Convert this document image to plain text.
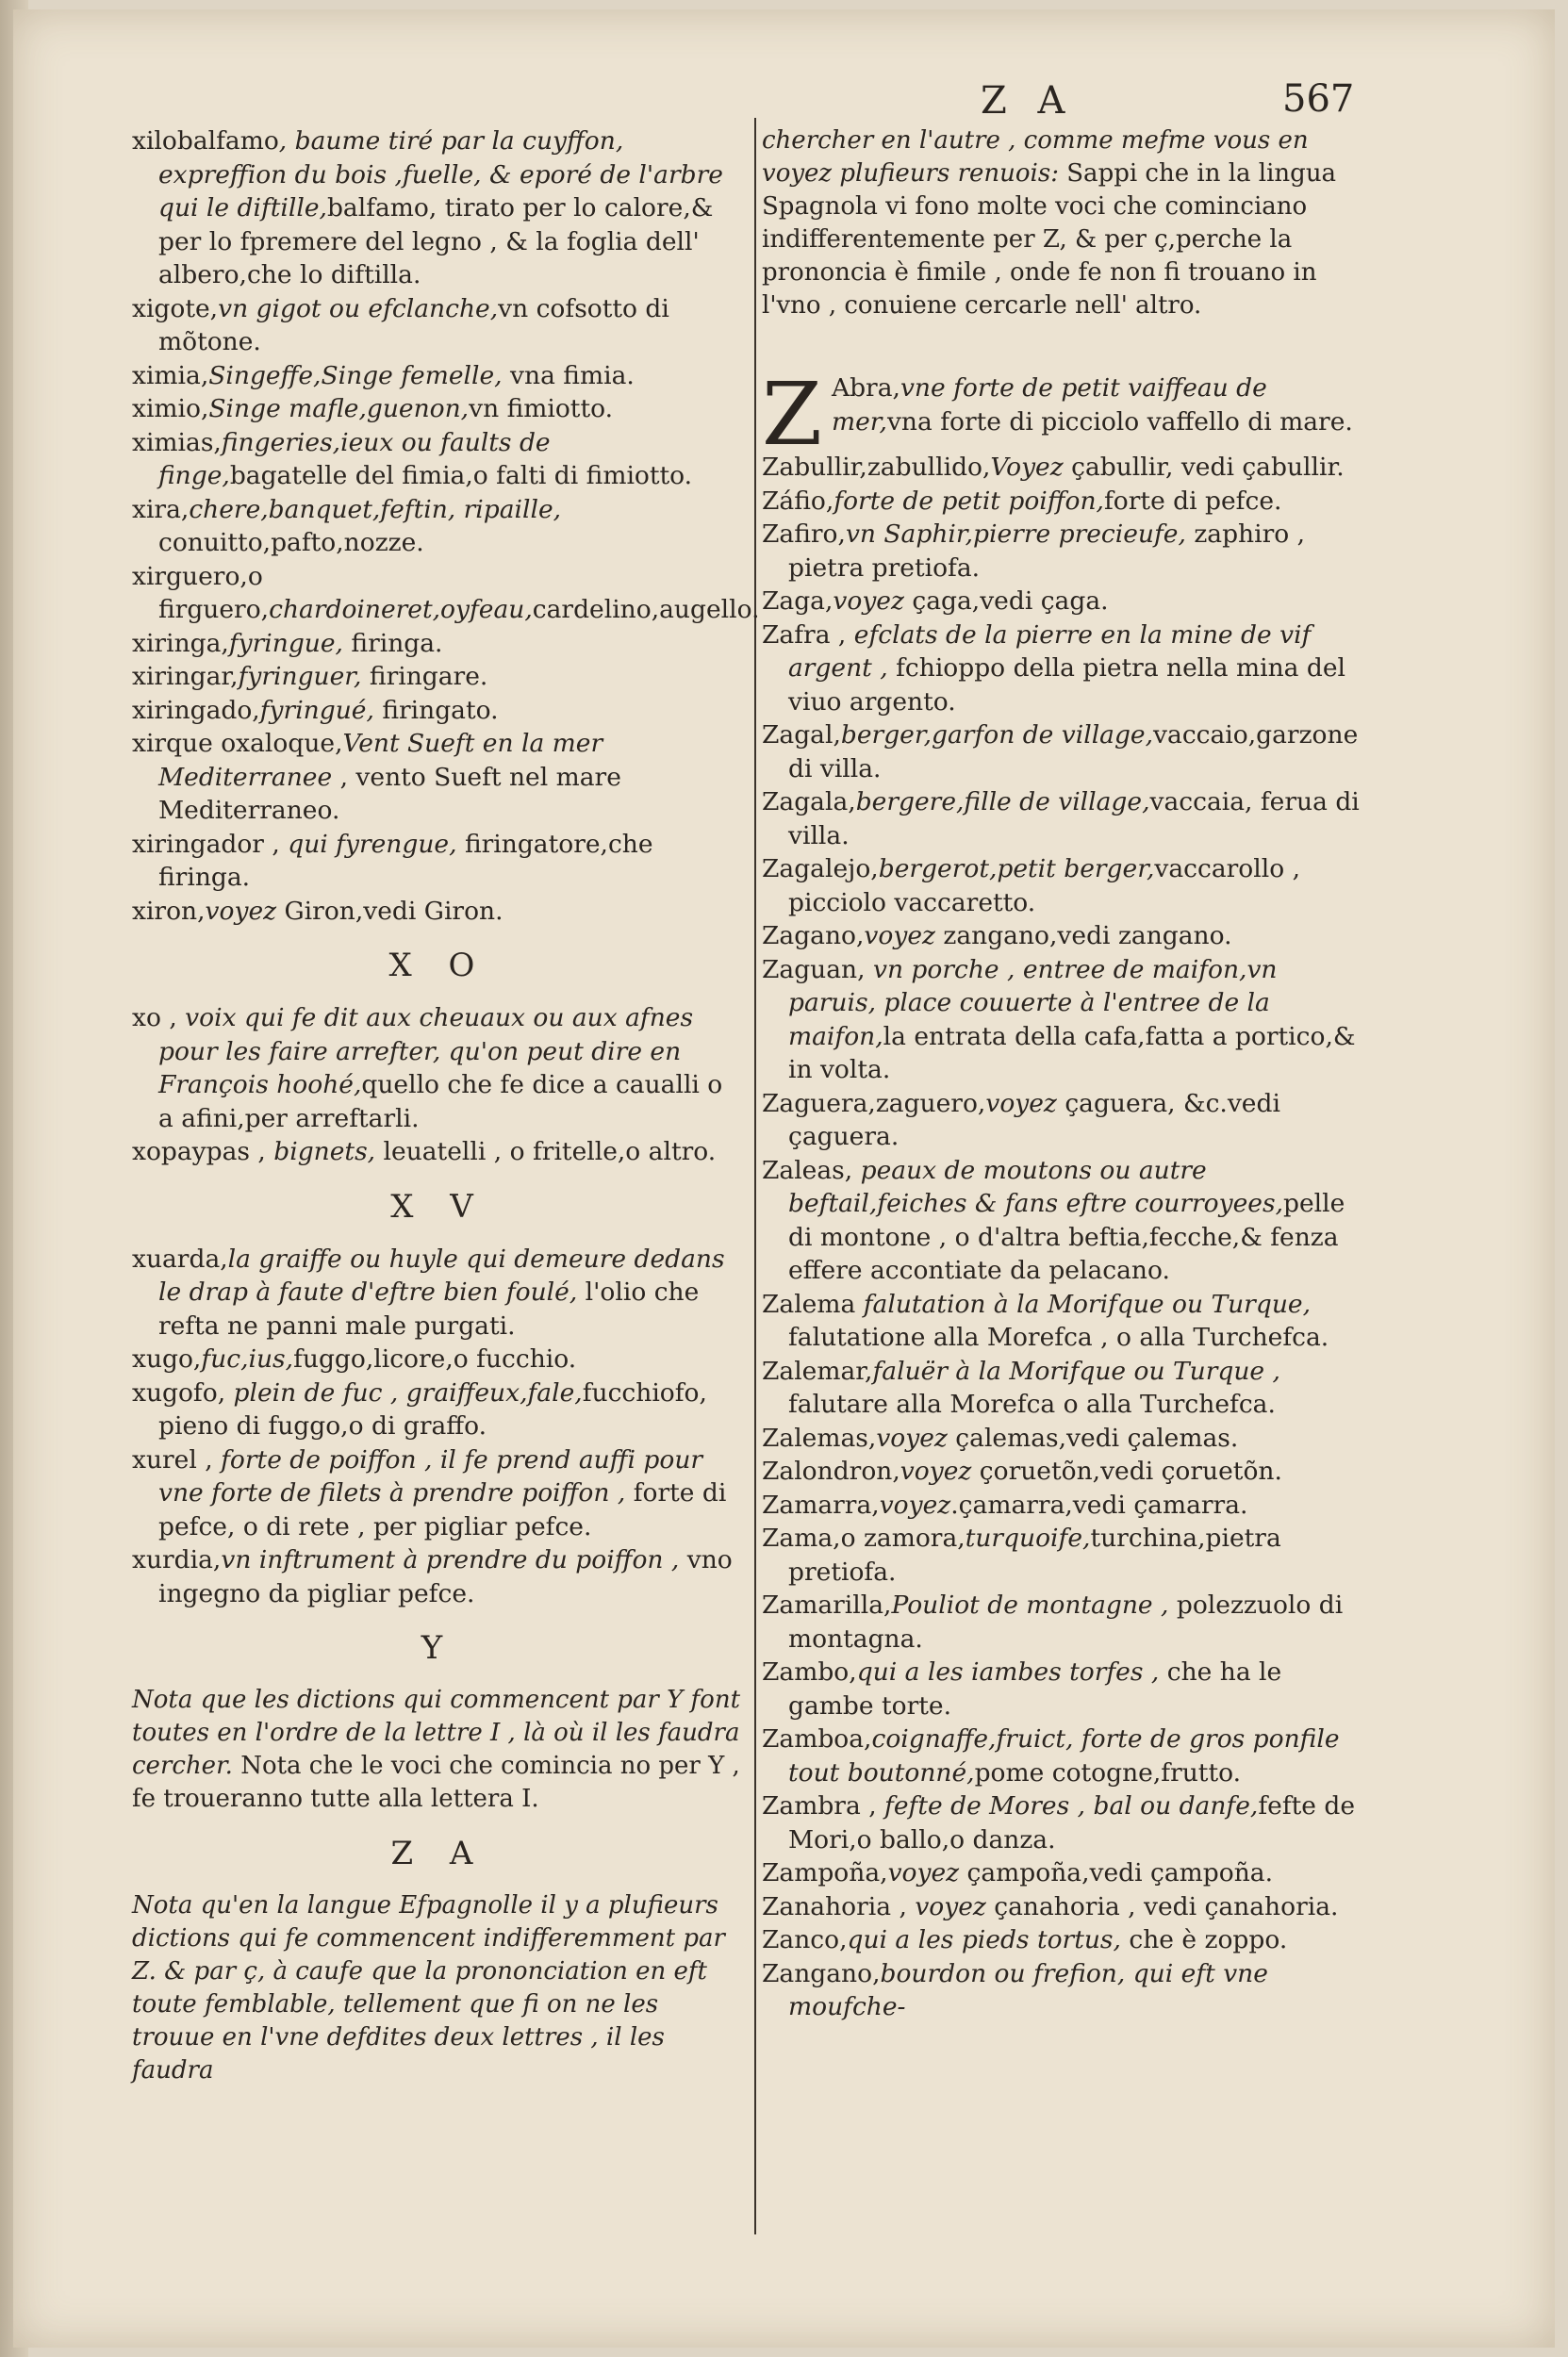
Z A	567

xilobalfamo, baume tiré par la cuyffon, expreffion du bois ,fuelle, & eporé de l'arbre qui le diftille,balfamo, tirato per lo calore,& per lo fpremere del legno , & la foglia dell' albero,che lo diftilla.

xigote,vn gigot ou efclanche,vn cofsotto di mõtone.

ximia,Singeffe,Singe femelle, vna fimia.

ximio,Singe mafle,guenon,vn fimiotto.

ximias,fingeries,ieux ou faults de finge,bagatelle del fimia,o falti di fimiotto.

xira,chere,banquet,feftin, ripaille, conuitto,pafto,nozze.

xirguero,o firguero,chardoineret,oyfeau,cardelino,augello.

xiringa,fyringue, firinga.

xiringar,fyringuer, firingare.

xiringado,fyringué, firingato.

xirque oxaloque,Vent Sueft en la mer Mediterranee , vento Sueft nel mare Mediterraneo.

xiringador , qui fyrengue, firingatore,che firinga.

xiron,voyez Giron,vedi Giron.

X O

xo , voix qui fe dit aux cheuaux ou aux afnes pour les faire arrefter, qu'on peut dire en François hoohé,quello che fe dice a caualli o a afini,per arreftarli.

xopaypas , bignets, leuatelli , o fritelle,o altro.

X V

xuarda,la graiffe ou huyle qui demeure dedans le drap à faute d'eftre bien foulé, l'olio che refta ne panni male purgati.

xugo,fuc,ius,fuggo,licore,o fucchio.

xugofo, plein de fuc , graiffeux,fale,fucchiofo, pieno di fuggo,o di graffo.

xurel , forte de poiffon , il fe prend auffi pour vne forte de filets à prendre poiffon , forte di pefce, o di rete , per pigliar pefce.

xurdia,vn inftrument à prendre du poiffon , vno ingegno da pigliar pefce.

Y

Nota que les dictions qui commencent par Y font toutes en l'ordre de la lettre I , là où il les faudra cercher. Nota che le voci che comincia no per Y , fe troueranno tutte alla lettera I.

Z A

Nota qu'en la langue Efpagnolle il y a plufieurs dictions qui fe commencent indifferemment par Z. & par ç, à caufe que la prononciation en eft toute femblable, tellement que fi on ne les trouue en l'vne defdites deux lettres , il les faudra

chercher en l'autre , comme mefme vous en voyez plufieurs renuois: Sappi che in la lingua Spagnola vi fono molte voci che cominciano indifferentemente per Z, & per ç,perche la prononcia è fimile , onde fe non fi trouano in l'vno , conuiene cercarle nell' altro.

Z Abra,vne forte de petit vaiffeau de mer,vna forte di picciolo vaffello di mare.

Zabullir,zabullido,Voyez çabullir, vedi çabullir.

Záfio,forte de petit poiffon,forte di pefce.

Zafiro,vn Saphir,pierre precieufe, zaphiro , pietra pretiofa.

Zaga,voyez çaga,vedi çaga.

Zafra , efclats de la pierre en la mine de vif argent , fchioppo della pietra nella mina del viuo argento.

Zagal,berger,garfon de village,vaccaio,garzone di villa.

Zagala,bergere,fille de village,vaccaia, ferua di villa.

Zagalejo,bergerot,petit berger,vaccarollo , picciolo vaccaretto.

Zagano,voyez zangano,vedi zangano.

Zaguan, vn porche , entree de maifon,vn paruis, place couuerte à l'entree de la maifon,la entrata della cafa,fatta a portico,& in volta.

Zaguera,zaguero,voyez çaguera, &c.vedi çaguera.

Zaleas, peaux de moutons ou autre beftail,feiches & fans eftre courroyees,pelle di montone , o d'altra beftia,fecche,& fenza effere accontiate da pelacano.

Zalema falutation à la Morifque ou Turque, falutatione alla Morefca , o alla Turchefca.

Zalemar,faluër à la Morifque ou Turque , falutare alla Morefca o alla Turchefca.

Zalemas,voyez çalemas,vedi çalemas.

Zalondron,voyez çoruetõn,vedi çoruetõn.

Zamarra,voyez.çamarra,vedi çamarra.

Zama,o zamora,turquoife,turchina,pietra pretiofa.

Zamarilla,Pouliot de montagne , polezzuolo di montagna.

Zambo,qui a les iambes torfes , che ha le gambe torte.

Zamboa,coignaffe,fruict, forte de gros ponfile tout boutonné,pome cotogne,frutto.

Zambra , fefte de Mores , bal ou danfe,fefte de Mori,o ballo,o danza.

Zampoña,voyez çampoña,vedi çampoña.

Zanahoria , voyez çanahoria , vedi çanahoria.

Zanco,qui a les pieds tortus, che è zoppo.

Zangano,bourdon ou frefion, qui eft vne moufche-
